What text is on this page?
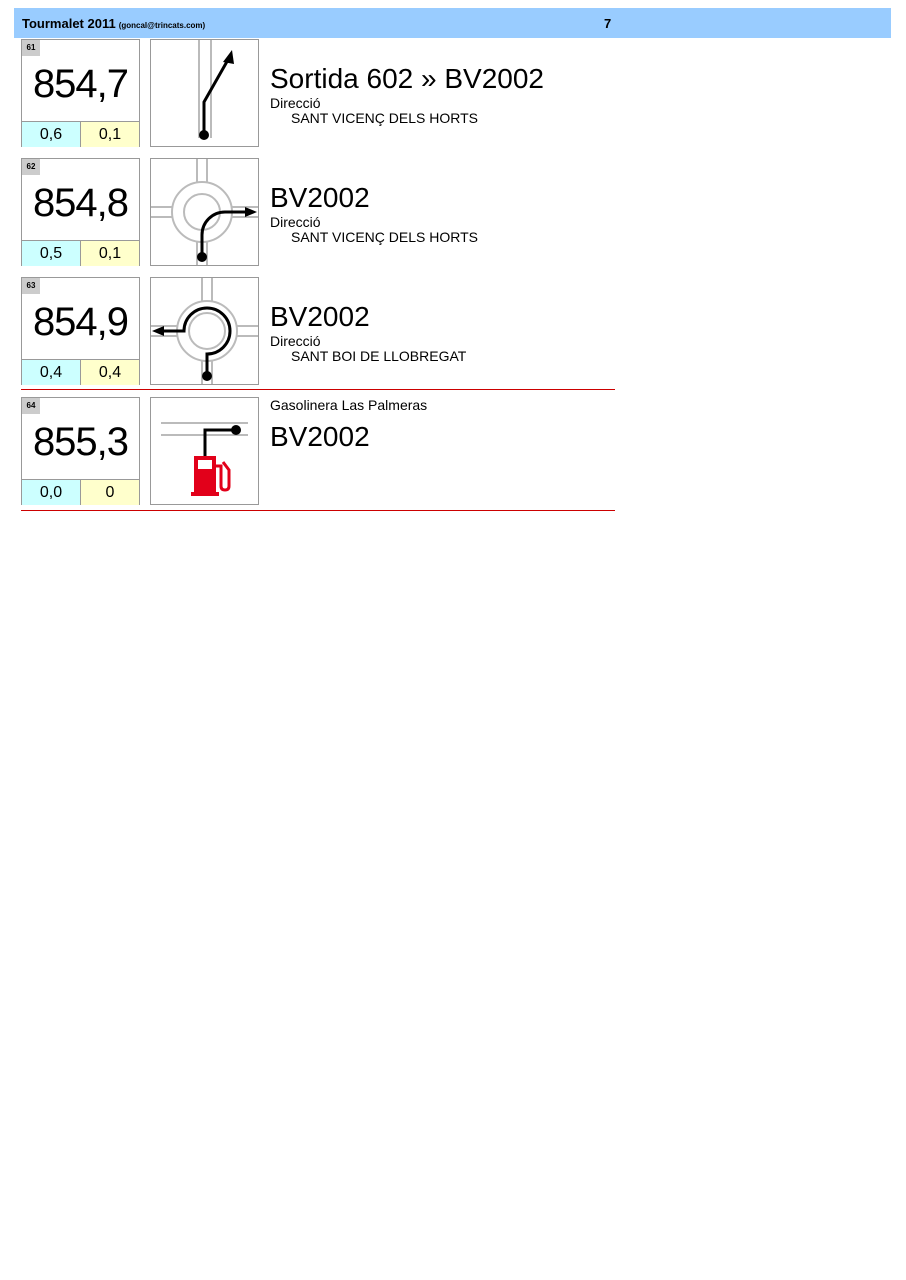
Tourmalet 2011 (goncal@trincats.com)	7
61
854,7
0,6	0,1
Sortida 602 » BV2002
Direcció
SANT VICENÇ DELS HORTS
62
854,8
0,5	0,1
BV2002
Direcció
SANT VICENÇ DELS HORTS
63
854,9
0,4	0,4
BV2002
Direcció
SANT BOI DE LLOBREGAT
64
855,3
0,0	0
Gasolinera Las Palmeras
BV2002
